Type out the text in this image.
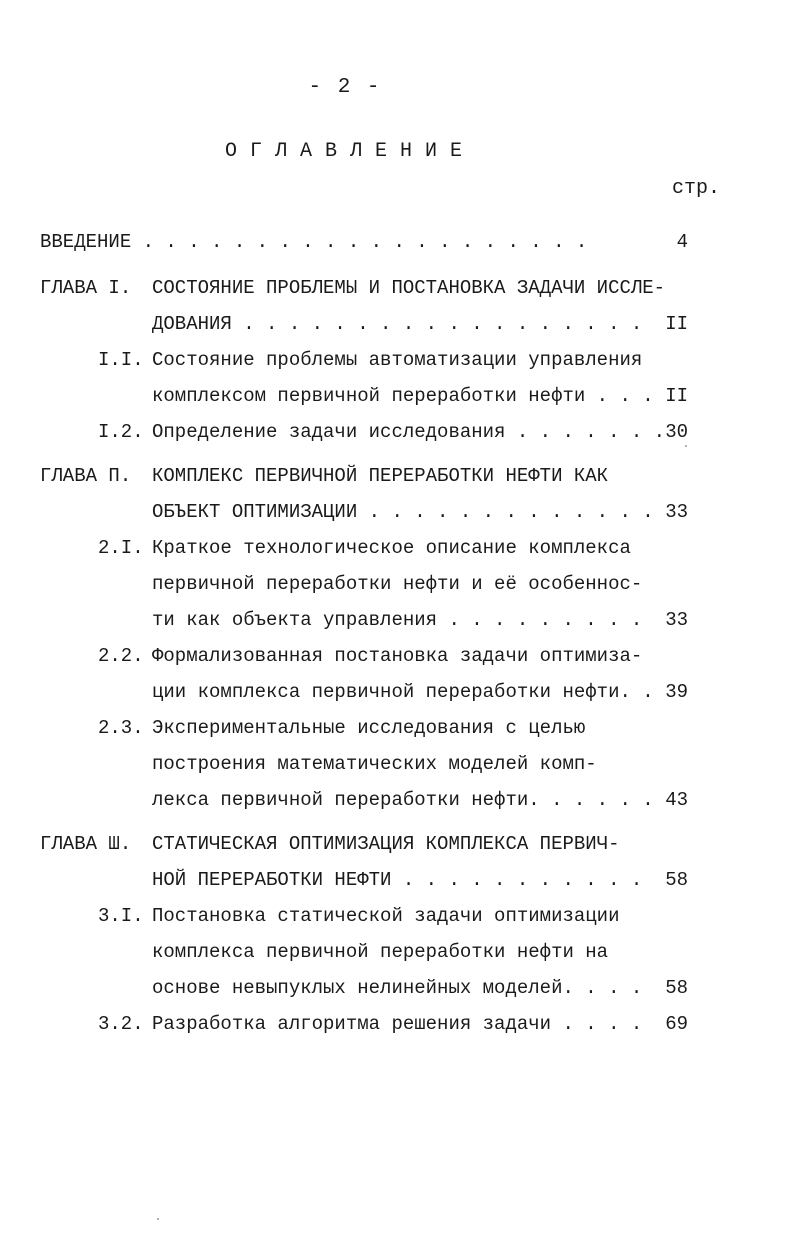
- 2 -
ОГЛАВЛЕНИЕ
стр.
ВВЕДЕНИЕ . . . . . . . . . . . . . . . . . . . .	4
ГЛАВА I. СОСТОЯНИЕ ПРОБЛЕМЫ И ПОСТАНОВКА ЗАДАЧИ ИССЛЕ-
ДОВАНИЯ . . . . . . . . . . . . . . . . . .	II
I.I. Состояние проблемы автоматизации управления
комплексом первичной переработки нефти . . . II
I.2. Определение задачи исследования . . . . . . . 30
ГЛАВА П. КОМПЛЕКС ПЕРВИЧНОЙ ПЕРЕРАБОТКИ НЕФТИ КАК
ОБЪЕКТ ОПТИМИЗАЦИИ . . . . . . . . . . . . . 33
2.I. Краткое технологическое описание комплекса
первичной переработки нефти и её особеннос-
ти как объекта управления . . . . . . . . .	33
2.2. Формализованная постановка задачи оптимиза-
ции комплекса первичной переработки нефти. . 39
2.3. Экспериментальные исследования с целью
построения математических моделей комп-
лекса первичной переработки нефти. . . . . . 43
ГЛАВА Ш. СТАТИЧЕСКАЯ ОПТИМИЗАЦИЯ КОМПЛЕКСА ПЕРВИЧ-
НОЙ ПЕРЕРАБОТКИ НЕФТИ . . . . . . . . . . .	58
3.I. Постановка статической задачи оптимизации
комплекса первичной переработки нефти на
основе невыпуклых нелинейных моделей. . . .	58
3.2. Разработка алгоритма решения задачи . . . .	69
